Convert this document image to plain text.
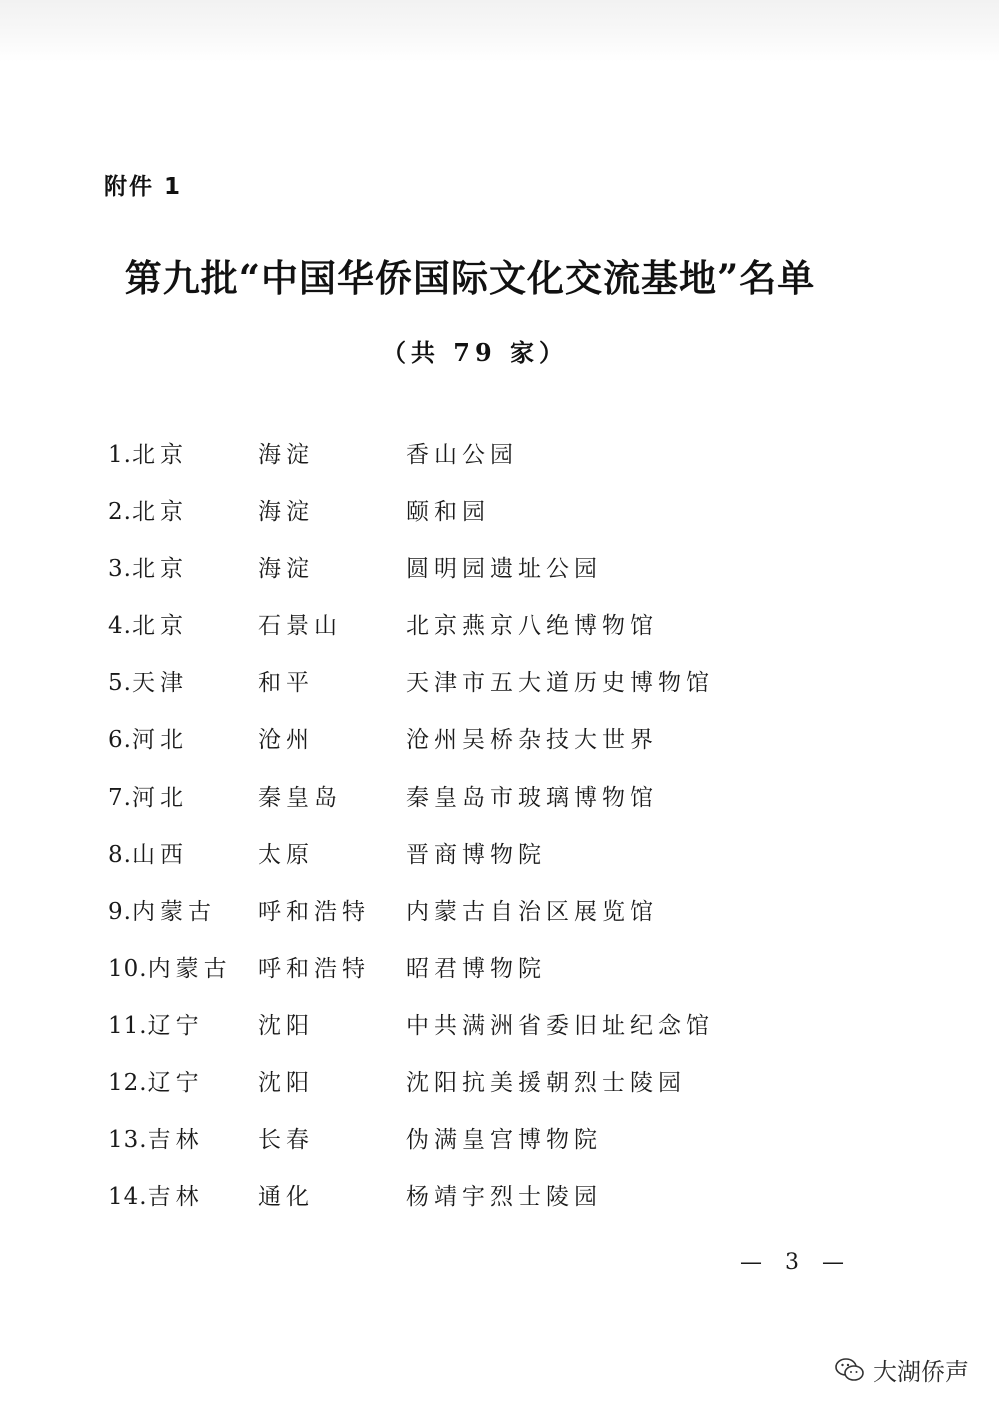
附件 1
第九批“中国华侨国际文化交流基地”名单
（共 79 家）
1.北京	海淀	香山公园
2.北京	海淀	颐和园
3.北京	海淀	圆明园遗址公园
4.北京	石景山	北京燕京八绝博物馆
5.天津	和平	天津市五大道历史博物馆
6.河北	沧州	沧州吴桥杂技大世界
7.河北	秦皇岛	秦皇岛市玻璃博物馆
8.山西	太原	晋商博物院
9.内蒙古	呼和浩特	内蒙古自治区展览馆
10.内蒙古	呼和浩特	昭君博物院
11.辽宁	沈阳	中共满洲省委旧址纪念馆
12.辽宁	沈阳	沈阳抗美援朝烈士陵园
13.吉林	长春	伪满皇宫博物院
14.吉林	通化	杨靖宇烈士陵园
— 3 —
大湖侨声
